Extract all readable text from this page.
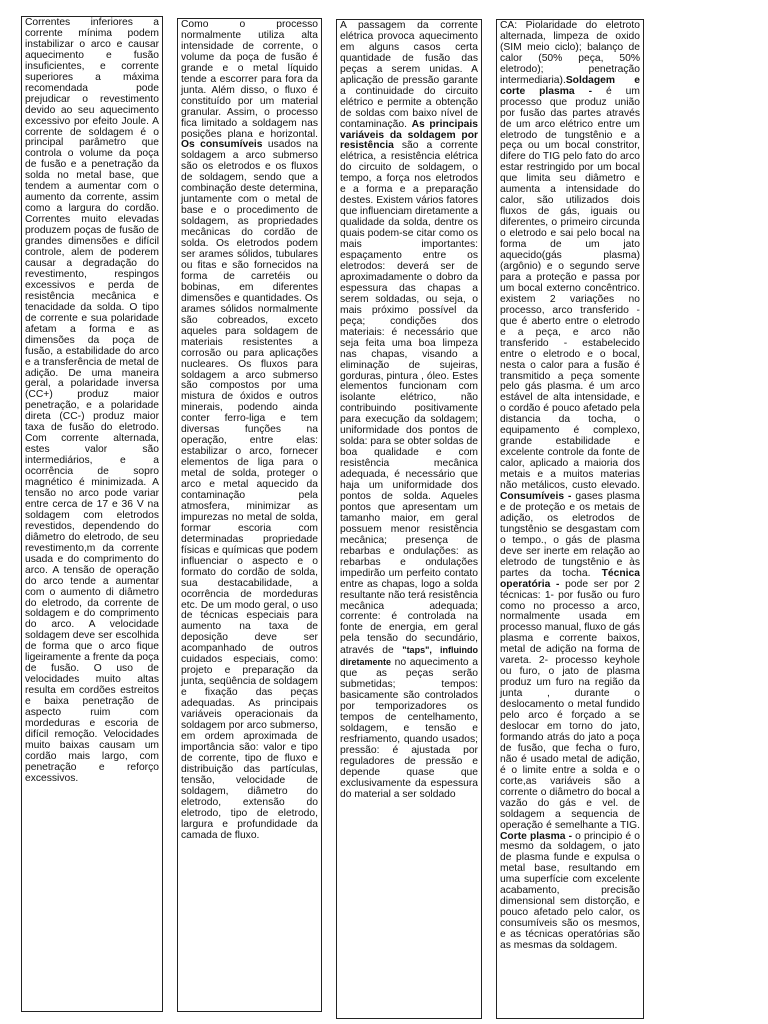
Correntes inferiores a corrente mínima podem instabilizar o arco e causar aquecimento e fusão insuficientes, e corrente superiores a máxima recomendada pode prejudicar o revestimento devido ao seu aquecimento excessivo por efeito Joule. A corrente de soldagem é o principal parâmetro que controla o volume da poça de fusão e a penetração da solda no metal base, que tendem a aumentar com o aumento da corrente, assim como a largura do cordão. Correntes muito elevadas produzem poças de fusão de grandes dimensões e difícil controle, alem de poderem causar a degradação do revestimento, respingos excessivos e perda de resistência mecânica e tenacidade da solda. O tipo de corrente e sua polaridade afetam a forma e as dimensões da poça de fusão, a estabilidade do arco e a transferência de metal de adição. De uma maneira geral, a polaridade inversa (CC+) produz maior penetração, e a polaridade direta (CC-) produz maior taxa de fusão do eletrodo. Com corrente alternada, estes valor são intermediários, e a ocorrência de sopro magnético é minimizada. A tensão no arco pode variar entre cerca de 17 e 36 V na soldagem com eletrodos revestidos, dependendo do diâmetro do eletrodo, de seu revestimento,m da corrente usada e do comprimento do arco. A tensão de operação do arco tende a aumentar com o aumento di diâmetro do eletrodo, da corrente de soldagem e do comprimento do arco. A velocidade soldagem deve ser escolhida de forma que o arco fique ligeiramente a frente da poça de fusão. O uso de velocidades muito altas resulta em cordões estreitos e baixa penetração de aspecto ruim com mordeduras e escoria de difícil remoção. Velocidades muito baixas causam um cordão mais largo, com penetração e reforço excessivos.

Como o processo normalmente utiliza alta intensidade de corrente, o volume da poça de fusão é grande e o metal líquido tende a escorrer para fora da junta. Além disso, o fluxo é constituído por um material granular. Assim, o processo fica limitado a soldagem nas posições plana e horizontal. Os consumíveis usados na soldagem a arco submerso são os eletrodos e os fluxos de soldagem, sendo que a combinação deste determina, juntamente com o metal de base e o procedimento de soldagem, as propriedades mecânicas do cordão de solda. Os eletrodos podem ser arames sólidos, tubulares ou fitas e são fornecidos na forma de carretéis ou bobinas, em diferentes dimensões e quantidades. Os arames sólidos normalmente são cobreados, exceto aqueles para soldagem de materiais resistentes a corrosão ou para aplicações nucleares. Os fluxos para soldagem a arco submerso são compostos por uma mistura de óxidos e outros minerais, podendo ainda conter ferro-liga e tem diversas funções na operação, entre elas: estabilizar o arco, fornecer elementos de liga para o metal de solda, proteger o arco e metal aquecido da contaminação pela atmosfera, minimizar as impurezas no metal de solda, formar escoria com determinadas propriedade físicas e químicas que podem influenciar o aspecto e o formato do cordão de solda, sua destacabilidade, a ocorrência de mordeduras etc. De um modo geral, o uso de técnicas especiais para aumento na taxa de deposição deve ser acompanhado de outros cuidados especiais, como: projeto e preparação da junta, seqüência de soldagem e fixação das peças adequadas. As principais variáveis operacionais da soldagem por arco submerso, em ordem aproximada de importância são: valor e tipo de corrente, tipo de fluxo e distribuição das partículas, tensão, velocidade de soldagem, diâmetro do eletrodo, extensão do eletrodo, tipo de eletrodo, largura e profundidade da camada de fluxo.

A passagem da corrente elétrica provoca aquecimento em alguns casos certa quantidade de fusão das peças a serem unidas. A aplicação de pressão garante a continuidade do circuito elétrico e permite a obtenção de soldas com baixo nível de contaminação. As principais variáveis da soldagem por resistência são a corrente elétrica, a resistência elétrica do circuito de soldagem, o tempo, a força nos eletrodos e a forma e a preparação destes. Existem vários fatores que influenciam diretamente a qualidade da solda, dentre os quais podem-se citar como os mais importantes: espaçamento entre os eletrodos: deverá ser de aproximadamente o dobro da espessura das chapas a serem soldadas, ou seja, o mais próximo possível da peça; condições dos materiais: é necessário que seja feita uma boa limpeza nas chapas, visando a eliminação de sujeiras, gorduras, pintura , óleo. Estes elementos funcionam com isolante elétrico, não contribuindo positivamente para execução da soldagem; uniformidade dos pontos de solda: para se obter soldas de boa qualidade e com resistência mecânica adequada, é necessário que haja um uniformidade dos pontos de solda. Aqueles pontos que apresentam um tamanho maior, em geral possuem menor resistência mecânica; presença de rebarbas e ondulações: as rebarbas e ondulações impedirão um perfeito contato entre as chapas, logo a solda resultante não terá resistência mecânica adequada; corrente: é controlada na fonte de energia, em geral pela tensão do secundário, através de "taps", influindo diretamente no aquecimento a que as peças serão submetidas; tempos: basicamente são controlados por temporizadores os tempos de centelhamento, soldagem, e tensão e resfriamento, quando usados; pressão: é ajustada por reguladores de pressão e depende quase que exclusivamente da espessura do material a ser soldado

CA: Piolaridade do eletroto alternada, limpeza de oxido (SIM meio ciclo); balanço de calor (50% peça, 50% eletrodo); penetração intermediaria).Soldagem e corte plasma - é um processo que produz união por fusão das partes através de um arco elétrico entre um eletrodo de tungstênio e a peça ou um bocal constritor, difere do TIG pelo fato do arco estar restringido por um bocal que limita seu diâmetro e aumenta a intensidade do calor, são utilizados dois fluxos de gás, iguais ou diferentes, o primeiro circunda o eletrodo e sai pelo bocal na forma de um jato aquecido(gás plasma) (argônio) e o segundo serve para a proteção e passa por um bocal externo concêntrico. existem 2 variações no processo, arco transferido - que é aberto entre o eletrodo e a peça, e arco não transferido - estabelecido entre o eletrodo e o bocal, nesta o calor para a fusão é transmitido a peça somente pelo gás plasma. é um arco estável de alta intensidade, e o cordão é pouco afetado pela distancia da tocha, o equipamento é complexo, grande estabilidade e excelente controle da fonte de calor, aplicado a maioria dos metais e a muitos materias não metálicos, custo elevado. Consumíveis - gases plasma e de proteção e os metais de adição, os eletrodos de tungstênio se desgastam com o tempo., o gás de plasma deve ser inerte em relação ao eletrodo de tungstênio e às partes da tocha. Técnica operatória - pode ser por 2 técnicas: 1- por fusão ou furo como no processo a arco, normalmente usada em processo manual, fluxo de gás plasma e corrente baixos, metal de adição na forma de vareta. 2- processo keyhole ou furo, o jato de plasma produz um furo na região da junta , durante o deslocamento o metal fundido pelo arco é forçado a se deslocar em torno do jato, formando atrás do jato a poça de fusão, que fecha o furo, não é usado metal de adição, é o limite entre a solda e o corte,as variáveis são a corrente o diâmetro do bocal a vazão do gás e vel. de soldagem a sequencia de operação é semelhante a TIG. Corte plasma - o principio é o mesmo da soldagem, o jato de plasma funde e expulsa o metal base, resultando em uma superfície com excelente acabamento, precisão dimensional sem distorção, e pouco afetado pelo calor, os consumíveis são os mesmos, e as técnicas operatórias são as mesmas da soldagem.
